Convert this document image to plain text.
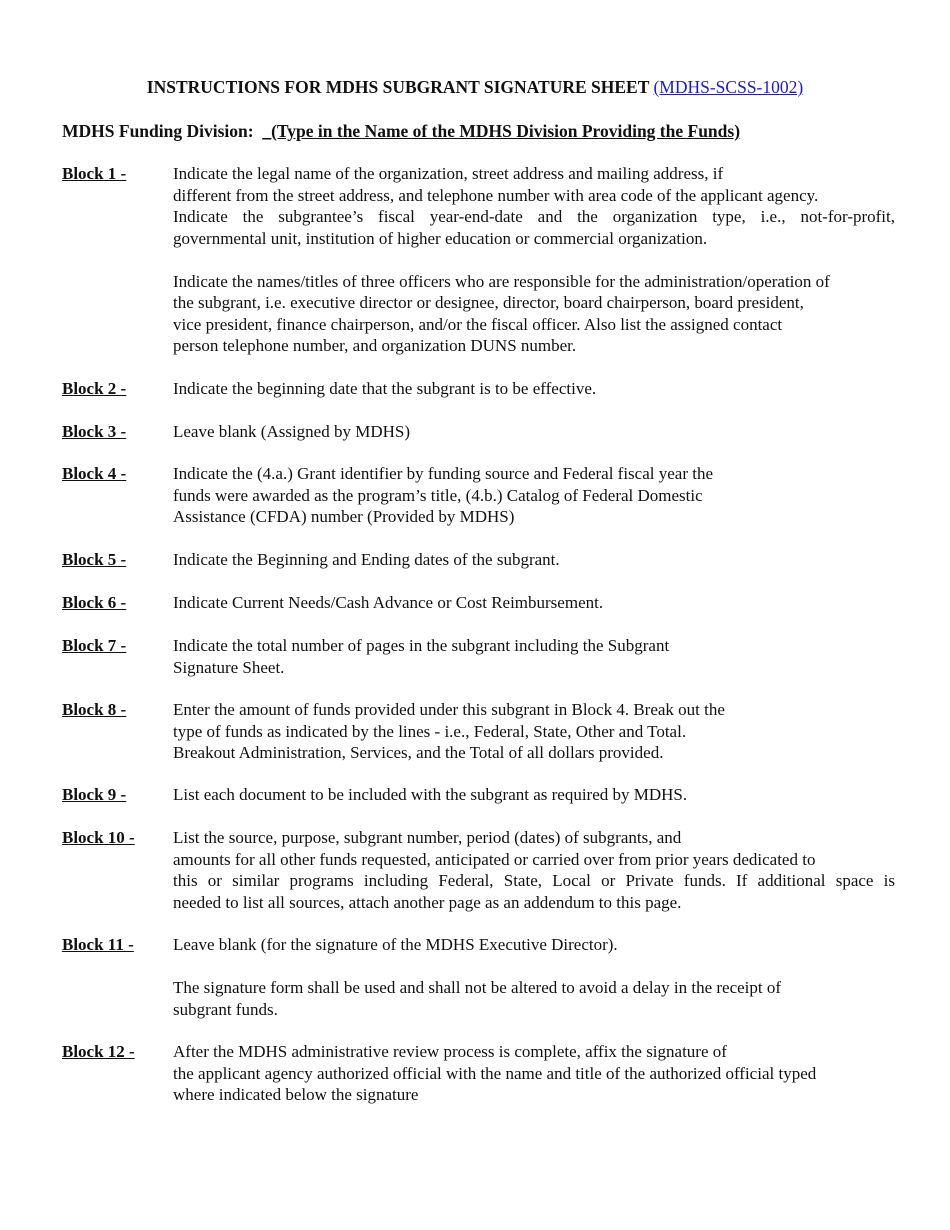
INSTRUCTIONS FOR MDHS SUBGRANT SIGNATURE SHEET (MDHS-SCSS-1002)
MDHS Funding Division: _(Type in the Name of the MDHS Division Providing the Funds)
Block 1 -	Indicate the legal name of the organization, street address and mailing address, if

different from the street address, and telephone number with area code of the applicant agency.

Indicate the subgrantee’s fiscal year-end-date and the organization type, i.e., not-for-profit,

governmental unit, institution of higher education or commercial organization.

Indicate the names/titles of three officers who are responsible for the administration/operation of

the subgrant, i.e. executive director or designee, director, board chairperson, board president,

vice president, finance chairperson, and/or the fiscal officer. Also list the assigned contact

person telephone number, and organization DUNS number.

Block 2 -	Indicate the beginning date that the subgrant is to be effective.

Block 3 -	Leave blank (Assigned by MDHS)

Block 4 -	Indicate the (4.a.) Grant identifier by funding source and Federal fiscal year the

funds were awarded as the program’s title, (4.b.) Catalog of Federal Domestic

Assistance (CFDA) number (Provided by MDHS)

Block 5 -	Indicate the Beginning and Ending dates of the subgrant.

Block 6 -	Indicate Current Needs/Cash Advance or Cost Reimbursement.

Block 7 -	Indicate the total number of pages in the subgrant including the Subgrant

Signature Sheet.

Block 8 -	Enter the amount of funds provided under this subgrant in Block 4. Break out the

type of funds as indicated by the lines - i.e., Federal, State, Other and Total.

Breakout Administration, Services, and the Total of all dollars provided.

Block 9 -	List each document to be included with the subgrant as required by MDHS.

Block 10 - List the source, purpose, subgrant number, period (dates) of subgrants, and

amounts for all other funds requested, anticipated or carried over from prior years dedicated to

this or similar programs including Federal, State, Local or Private funds. If additional space is

needed to list all sources, attach another page as an addendum to this page.

Block 11 - Leave blank (for the signature of the MDHS Executive Director).

The signature form shall be used and shall not be altered to avoid a delay in the receipt of

subgrant funds.

Block 12 - After the MDHS administrative review process is complete, affix the signature of

the applicant agency authorized official with the name and title of the authorized official typed

where indicated below the signature
